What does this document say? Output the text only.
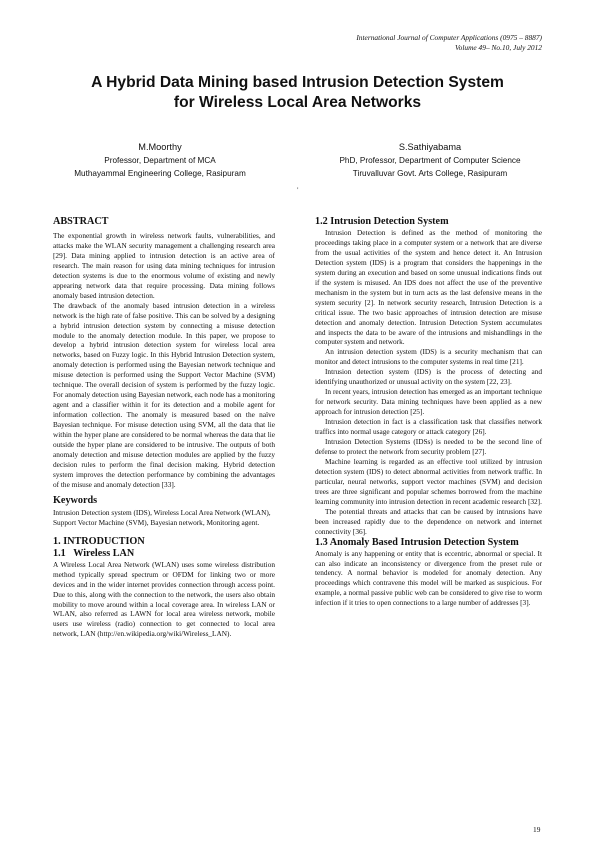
International Journal of Computer Applications (0975 – 8887)
Volume 49– No.10, July 2012
A Hybrid Data Mining based Intrusion Detection System
for Wireless Local Area Networks
M.Moorthy
Professor, Department of MCA
Muthayammal Engineering College, Rasipuram
S.Sathiyabama
PhD, Professor, Department of Computer Science
Tiruvalluvar Govt. Arts College, Rasipuram
,
ABSTRACT

The exponential growth in wireless network faults, vulnerabilities, and attacks make the WLAN security management a challenging research area [29]. Data mining applied to intrusion detection is an active area of research. The main reason for using data mining techniques for intrusion detection systems is due to the enormous volume of existing and newly appearing network data that require processing. Data mining follows anomaly based intrusion detection.

The drawback of the anomaly based intrusion detection in a wireless network is the high rate of false positive. This can be solved by a designing a hybrid intrusion detection system by connecting a misuse detection module to the anomaly detection module. In this paper, we propose to develop a hybrid intrusion detection system for wireless local area networks, based on Fuzzy logic. In this Hybrid Intrusion Detection system, anomaly detection is performed using the Bayesian network technique and misuse detection is performed using the Support Vector Machine (SVM) technique. The overall decision of system is performed by the fuzzy logic. For anomaly detection using Bayesian network, each node has a monitoring agent and a classifier within it for its detection and a mobile agent for information collection. The anomaly is measured based on the naïve Bayesian technique. For misuse detection using SVM, all the data that lie within the hyper plane are considered to be normal whereas the data that lie outside the hyper plane are considered to be intrusive. The outputs of both anomaly detection and misuse detection modules are applied by the fuzzy decision rules to perform the final decision making. Hybrid detection system improves the detection performance by combining the advantages of the misuse and anomaly detection [33].

Keywords

Intrusion Detection system (IDS), Wireless Local Area Network (WLAN), Support Vector Machine (SVM), Bayesian network, Monitoring agent.

1. INTRODUCTION
1.1   Wireless LAN

A Wireless Local Area Network (WLAN) uses some wireless distribution method typically spread spectrum or OFDM for linking two or more devices and in the wider internet provides connection through access point. Due to this, along with the connection to the network, the users also obtain mobility to move around within a local coverage area. In wireless LAN or WLAN, also referred as LAWN for local area wireless network, mobile users use wireless (radio) connection to get connected to local area network, LAN (http://en.wikipedia.org/wiki/Wireless_LAN).

1.2 Intrusion Detection System

Intrusion Detection is defined as the method of monitoring the proceedings taking place in a computer system or a network that are diverse from the usual activities of the system and hence detect it. An Intrusion Detection system (IDS) is a program that considers the happenings in the system during an execution and based on some unusual indications finds out if the system is misused. An IDS does not affect the use of the preventive mechanism in the system but in turn acts as the last defensive means in the system security [2]. In network security research, Intrusion Detection is a critical issue. The two basic approaches of intrusion detection are misuse detection and anomaly detection. Intrusion Detection System accumulates and inspects the data to be aware of the intrusions and mishandlings in the computer system and network.

An intrusion detection system (IDS) is a security mechanism that can monitor and detect intrusions to the computer systems in real time [21].

Intrusion detection system (IDS) is the process of detecting and identifying unauthorized or unusual activity on the system [22, 23].

In recent years, intrusion detection has emerged as an important technique for network security. Data mining techniques have been applied as a new approach for intrusion detection [25].

Intrusion detection in fact is a classification task that classifies network traffics into normal usage category or attack category [26].

Intrusion Detection Systems (IDSs) is needed to be the second line of defense to protect the network from security problem [27].

Machine learning is regarded as an effective tool utilized by intrusion detection system (IDS) to detect abnormal activities from network traffic. In particular, neural networks, support vector machines (SVM) and decision trees are three significant and popular schemes borrowed from the machine learning community into intrusion detection in recent academic research [32].

The potential threats and attacks that can be caused by intrusions have been increased rapidly due to the dependence on network and internet connectivity [36].

1.3 Anomaly Based Intrusion Detection System

Anomaly is any happening or entity that is eccentric, abnormal or special. It can also indicate an inconsistency or divergence from the preset rule or tendency. A normal behavior is modeled for anomaly detection. Any proceedings which contravene this model will be marked as suspicious. For example, a normal passive public web can be considered to give rise to worm infection if it tries to open connections to a large number of addresses [3].

19
